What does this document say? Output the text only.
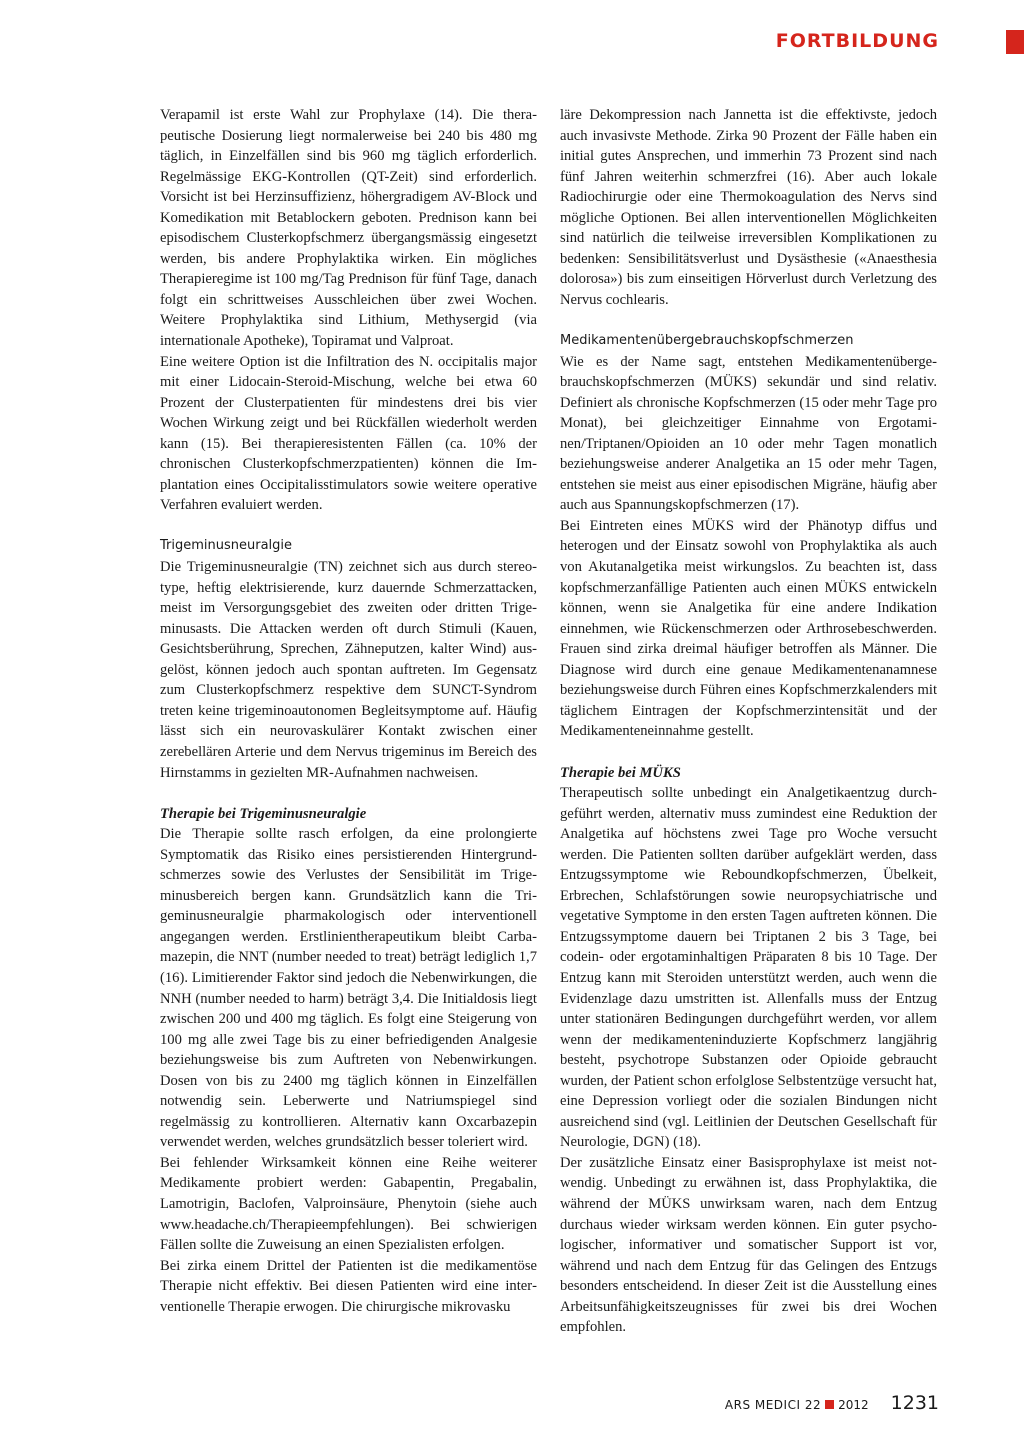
FORTBILDUNG

Verapamil ist erste Wahl zur Prophylaxe (14). Die therapeutische Dosierung liegt normalerweise bei 240 bis 480 mg täglich, in Einzelfällen sind bis 960 mg täglich erforderlich. Regelmässige EKG-Kontrollen (QT-Zeit) sind erforderlich. Vorsicht ist bei Herzinsuffizienz, höhergradigem AV-Block und Komedikation mit Betablockern geboten. Prednison kann bei episodischem Clusterkopfschmerz übergangsmässig eingesetzt werden, bis andere Prophylaktika wirken. Ein mögliches Therapieregime ist 100 mg/Tag Prednison für fünf Tage, danach folgt ein schrittweises Ausschleichen über zwei Wochen. Weitere Prophylaktika sind Lithium, Methysergid (via internationale Apotheke), Topiramat und Valproat.

Eine weitere Option ist die Infiltration des N. occipitalis major mit einer Lidocain-Steroid-Mischung, welche bei etwa 60 Prozent der Clusterpatienten für mindestens drei bis vier Wochen Wirkung zeigt und bei Rückfällen wiederholt werden kann (15). Bei therapieresistenten Fällen (ca. 10% der chronischen Clusterkopfschmerzpatienten) können die Implantation eines Occipitalisstimulators sowie weitere operative Verfahren evaluiert werden.

Trigeminusneuralgie

Die Trigeminusneuralgie (TN) zeichnet sich aus durch stereotype, heftig elektrisierende, kurz dauernde Schmerzattacken, meist im Versorgungsgebiet des zweiten oder dritten Trigeminusasts. Die Attacken werden oft durch Stimuli (Kauen, Gesichtsberührung, Sprechen, Zähneputzen, kalter Wind) ausgelöst, können jedoch auch spontan auftreten. Im Gegensatz zum Clusterkopfschmerz respektive dem SUNCT-Syndrom treten keine trigeminoautonomen Begleitsymptome auf. Häufig lässt sich ein neurovaskulärer Kontakt zwischen einer zerebellären Arterie und dem Nervus trigeminus im Bereich des Hirnstamms in gezielten MR-Aufnahmen nachweisen.

Therapie bei Trigeminusneuralgie

Die Therapie sollte rasch erfolgen, da eine prolongierte Symptomatik das Risiko eines persistierenden Hintergrundschmerzes sowie des Verlustes der Sensibilität im Trigeminusbereich bergen kann. Grundsätzlich kann die Trigeminusneuralgie pharmakologisch oder interventionell angegangen werden. Erstlinientherapeutikum bleibt Carbamazepin, die NNT (number needed to treat) beträgt lediglich 1,7 (16). Limitierender Faktor sind jedoch die Nebenwirkungen, die NNH (number needed to harm) beträgt 3,4. Die Initialdosis liegt zwischen 200 und 400 mg täglich. Es folgt eine Steigerung von 100 mg alle zwei Tage bis zu einer befriedigenden Analgesie beziehungsweise bis zum Auftreten von Nebenwirkungen. Dosen von bis zu 2400 mg täglich können in Einzelfällen notwendig sein. Leberwerte und Natriumspiegel sind regelmässig zu kontrollieren. Alternativ kann Oxcarbazepin verwendet werden, welches grundsätzlich besser toleriert wird.

Bei fehlender Wirksamkeit können eine Reihe weiterer Medikamente probiert werden: Gabapentin, Pregabalin, Lamotrigin, Baclofen, Valproinsäure, Phenytoin (siehe auch www.headache.ch/Therapieempfehlungen). Bei schwierigen Fällen sollte die Zuweisung an einen Spezialisten erfolgen.

Bei zirka einem Drittel der Patienten ist die medikamentöse Therapie nicht effektiv. Bei diesen Patienten wird eine interventionelle Therapie erwogen. Die chirurgische mikrovasku

läre Dekompression nach Jannetta ist die effektivste, jedoch auch invasivste Methode. Zirka 90 Prozent der Fälle haben ein initial gutes Ansprechen, und immerhin 73 Prozent sind nach fünf Jahren weiterhin schmerzfrei (16). Aber auch lokale Radiochirurgie oder eine Thermokoagulation des Nervs sind mögliche Optionen. Bei allen interventionellen Möglichkeiten sind natürlich die teilweise irreversiblen Komplikationen zu bedenken: Sensibilitätsverlust und Dysästhesie («Anaesthesia dolorosa») bis zum einseitigen Hörverlust durch Verletzung des Nervus cochlearis.

Medikamentenübergebrauchskopfschmerzen

Wie es der Name sagt, entstehen Medikamentenübergebrauchskopfschmerzen (MÜKS) sekundär und sind relativ. Definiert als chronische Kopfschmerzen (15 oder mehr Tage pro Monat), bei gleichzeitiger Einnahme von Ergotaminen/Triptanen/Opioiden an 10 oder mehr Tagen monatlich beziehungsweise anderer Analgetika an 15 oder mehr Tagen, entstehen sie meist aus einer episodischen Migräne, häufig aber auch aus Spannungskopfschmerzen (17).

Bei Eintreten eines MÜKS wird der Phänotyp diffus und heterogen und der Einsatz sowohl von Prophylaktika als auch von Akutanalgetika meist wirkungslos. Zu beachten ist, dass kopfschmerzanfällige Patienten auch einen MÜKS entwickeln können, wenn sie Analgetika für eine andere Indikation einnehmen, wie Rückenschmerzen oder Arthrosebeschwerden. Frauen sind zirka dreimal häufiger betroffen als Männer. Die Diagnose wird durch eine genaue Medikamentenanamnese beziehungsweise durch Führen eines Kopfschmerzkalenders mit täglichem Eintragen der Kopfschmerzintensität und der Medikamenteneinnahme gestellt.

Therapie bei MÜKS

Therapeutisch sollte unbedingt ein Analgetikaentzug durchgeführt werden, alternativ muss zumindest eine Reduktion der Analgetika auf höchstens zwei Tage pro Woche versucht werden. Die Patienten sollten darüber aufgeklärt werden, dass Entzugssymptome wie Reboundkopfschmerzen, Übelkeit, Erbrechen, Schlafstörungen sowie neuropsychiatrische und vegetative Symptome in den ersten Tagen auftreten können. Die Entzugssymptome dauern bei Triptanen 2 bis 3 Tage, bei codein- oder ergotaminhaltigen Präparaten 8 bis 10 Tage. Der Entzug kann mit Steroiden unterstützt werden, auch wenn die Evidenzlage dazu umstritten ist. Allenfalls muss der Entzug unter stationären Bedingungen durchgeführt werden, vor allem wenn der medikamenteninduzierte Kopfschmerz langjährig besteht, psychotrope Substanzen oder Opioide gebraucht wurden, der Patient schon erfolglose Selbstentzüge versucht hat, eine Depression vorliegt oder die sozialen Bindungen nicht ausreichend sind (vgl. Leitlinien der Deutschen Gesellschaft für Neurologie, DGN) (18).

Der zusätzliche Einsatz einer Basisprophylaxe ist meist notwendig. Unbedingt zu erwähnen ist, dass Prophylaktika, die während der MÜKS unwirksam waren, nach dem Entzug durchaus wieder wirksam werden können. Ein guter psychologischer, informativer und somatischer Support ist vor, während und nach dem Entzug für das Gelingen des Entzugs besonders entscheidend. In dieser Zeit ist die Ausstellung eines Arbeitsunfähigkeitszeugnisses für zwei bis drei Wochen empfohlen.

ARS MEDICI 22 2012 1231
